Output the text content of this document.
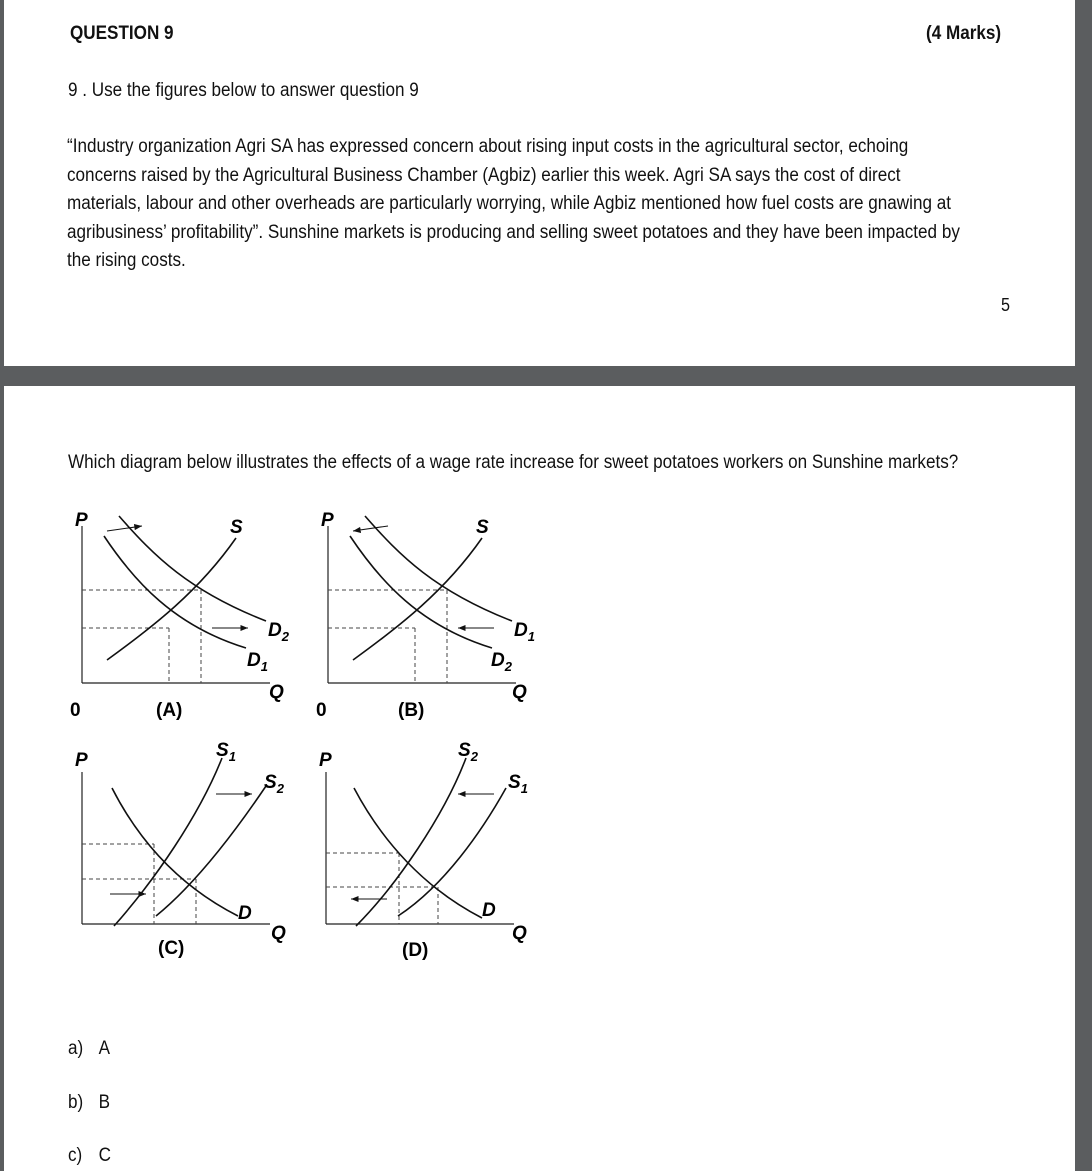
QUESTION 9	(4 Marks)
9 . Use the figures below to answer question 9
“Industry organization Agri SA has expressed concern about rising input costs in the agricultural sector, echoing
concerns raised by the Agricultural Business Chamber (Agbiz) earlier this week. Agri SA says the cost of direct
materials, labour and other overheads are particularly worrying, while Agbiz mentioned how fuel costs are gnawing at
agribusiness’ profitability”. Sunshine markets is producing and selling sweet potatoes and they have been impacted by
the rising costs.
5
Which diagram below illustrates the effects of a wage rate increase for sweet potatoes workers on Sunshine markets?
P	S
$D_2$
$D_1$
Q
0	(A)
P	S
$D_1$
$D_2$
Q
0	(B)
P	$S_1$
$S_2$
D
Q
(C)
P	$S_2$
$S_1$
D
Q
(D)
a) A
b) B
c) C
